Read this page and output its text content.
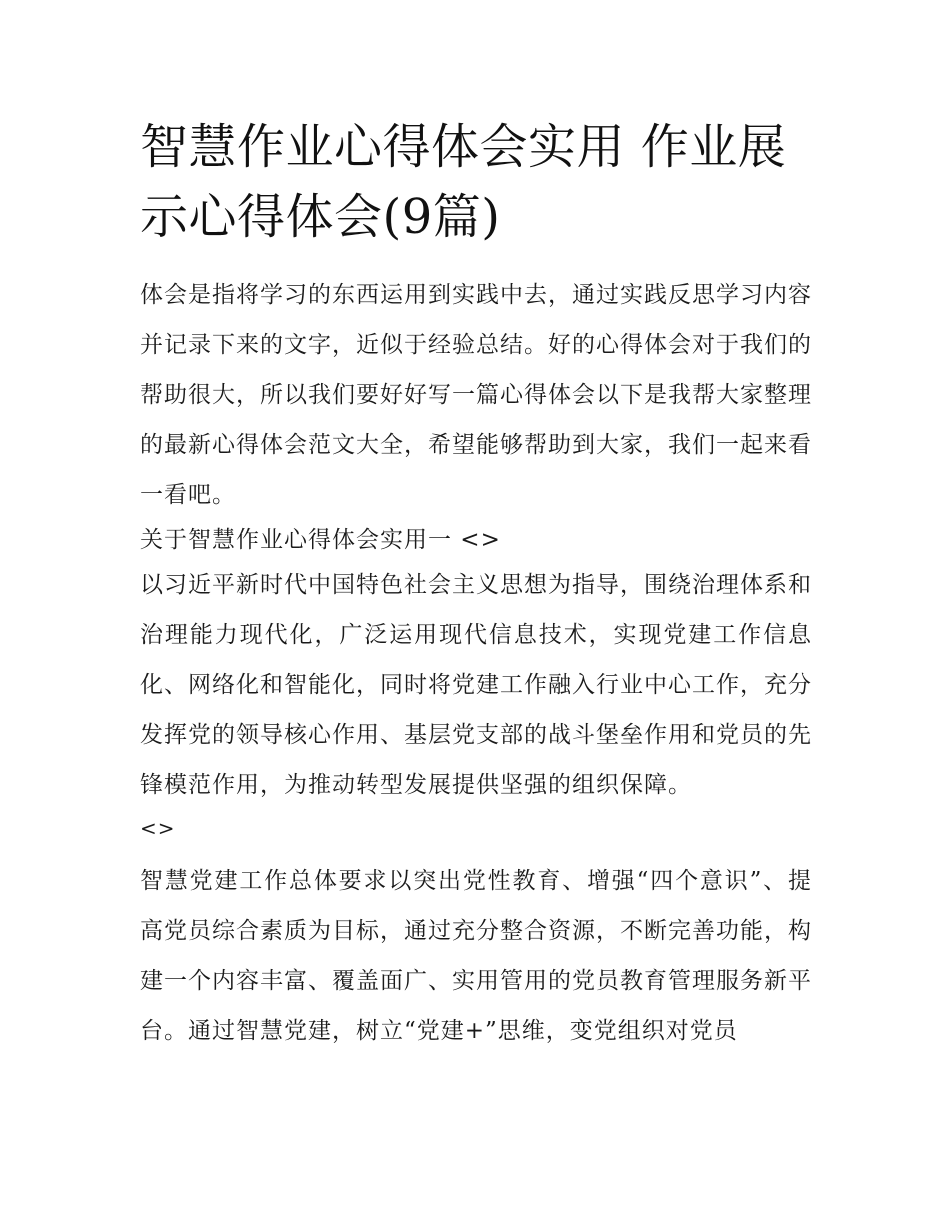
智慧作业心得体会实用 作业展示心得体会(9篇)

体会是指将学习的东西运用到实践中去，通过实践反思学习内容并记录下来的文字，近似于经验总结。好的心得体会对于我们的帮助很大，所以我们要好好写一篇心得体会以下是我帮大家整理的最新心得体会范文大全，希望能够帮助到大家，我们一起来看一看吧。

关于智慧作业心得体会实用一 <>

以习近平新时代中国特色社会主义思想为指导，围绕治理体系和治理能力现代化，广泛运用现代信息技术，实现党建工作信息化、网络化和智能化，同时将党建工作融入行业中心工作，充分发挥党的领导核心作用、基层党支部的战斗堡垒作用和党员的先锋模范作用，为推动转型发展提供坚强的组织保障。

<>

智慧党建工作总体要求以突出党性教育、增强“四个意识”、提高党员综合素质为目标，通过充分整合资源，不断完善功能，构建一个内容丰富、覆盖面广、实用管用的党员教育管理服务新平台。通过智慧党建，树立“党建+”思维，变党组织对党员
